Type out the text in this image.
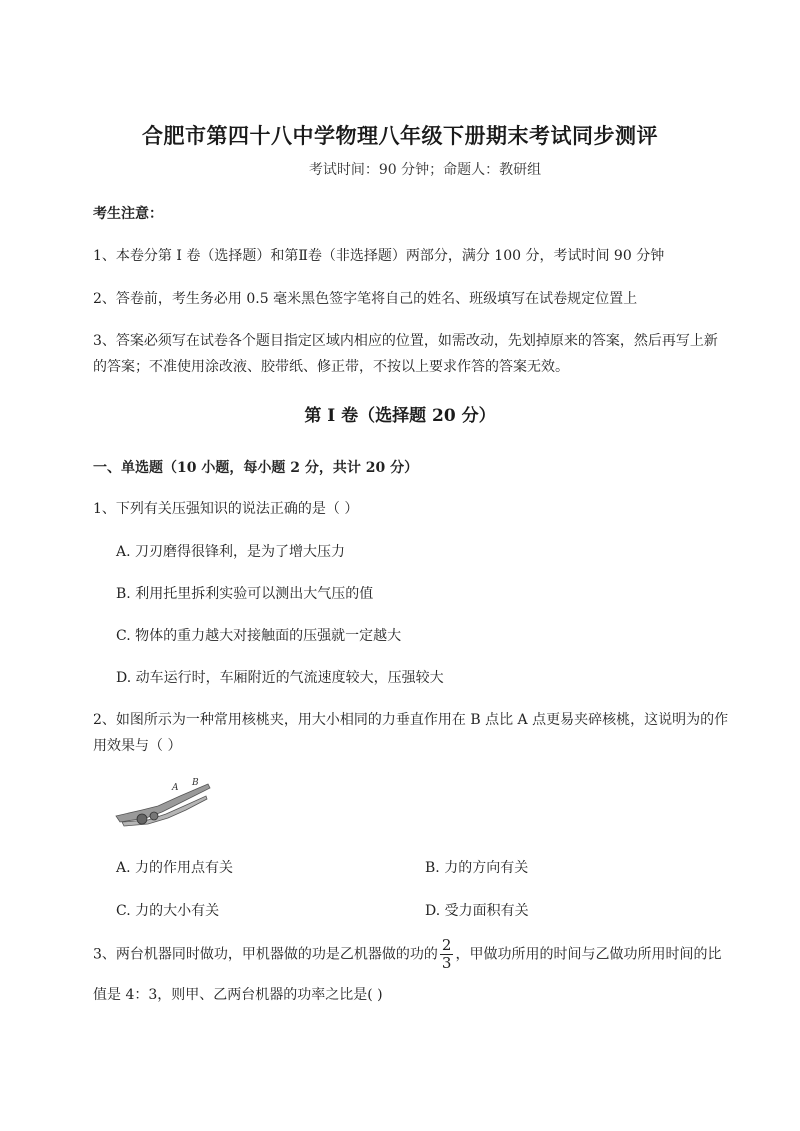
合肥市第四十八中学物理八年级下册期末考试同步测评
考试时间：90 分钟；命题人：教研组
考生注意：
1、本卷分第 I 卷（选择题）和第Ⅱ卷（非选择题）两部分，满分 100 分，考试时间 90 分钟
2、答卷前，考生务必用 0.5 毫米黑色签字笔将自己的姓名、班级填写在试卷规定位置上
3、答案必须写在试卷各个题目指定区域内相应的位置，如需改动，先划掉原来的答案，然后再写上新
的答案；不准使用涂改液、胶带纸、修正带，不按以上要求作答的答案无效。
第 I 卷（选择题 20 分）
一、单选题（10 小题，每小题 2 分，共计 20 分）
1、下列有关压强知识的说法正确的是（ ）
A. 刀刃磨得很锋利，是为了增大压力
B. 利用托里拆利实验可以测出大气压的值
C. 物体的重力越大对接触面的压强就一定越大
D. 动车运行时，车厢附近的气流速度较大，压强较大
2、如图所示为一种常用核桃夹，用大小相同的力垂直作用在 B 点比 A 点更易夹碎核桃，这说明为的作
用效果与（ ）
A B
A. 力的作用点有关	B. 力的方向有关
C. 力的大小有关	D. 受力面积有关
3、两台机器同时做功，甲机器做的功是乙机器做的功的 $\frac{2}{3}$ ，甲做功所用的时间与乙做功所用时间的比
值是 4：3，则甲、乙两台机器的功率之比是( )
